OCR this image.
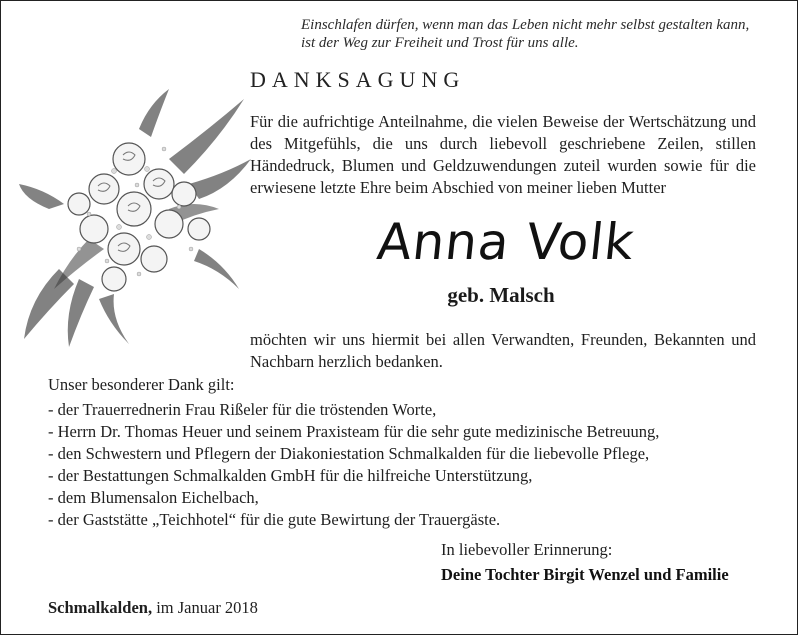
Einschlafen dürfen, wenn man das Leben nicht mehr selbst gestalten kann,
ist der Weg zur Freiheit und Trost für uns alle.
DANKSAGUNG
Für die aufrichtige Anteilnahme, die vielen Beweise der Wertschätzung und des Mitgefühls, die uns durch liebevoll geschriebene Zeilen, stillen Händedruck, Blumen und Geldzuwendungen zuteil wurden sowie für die erwiesene letzte Ehre beim Abschied von meiner lieben Mutter
Anna Volk
geb. Malsch
möchten wir uns hiermit bei allen Verwandten, Freunden, Bekannten und Nachbarn herzlich bedanken.
Unser besonderer Dank gilt:
- der Trauerrednerin Frau Rißeler für die tröstenden Worte,
- Herrn Dr. Thomas Heuer und seinem Praxisteam für die sehr gute medizinische Betreuung,
- den Schwestern und Pflegern der Diakoniestation Schmalkalden für die liebevolle Pflege,
- der Bestattungen Schmalkalden GmbH für die hilfreiche Unterstützung,
- dem Blumensalon Eichelbach,
- der Gaststätte „Teichhotel“ für die gute Bewirtung der Trauergäste.
In liebevoller Erinnerung:
Deine Tochter Birgit Wenzel und Familie
Schmalkalden, im Januar 2018
